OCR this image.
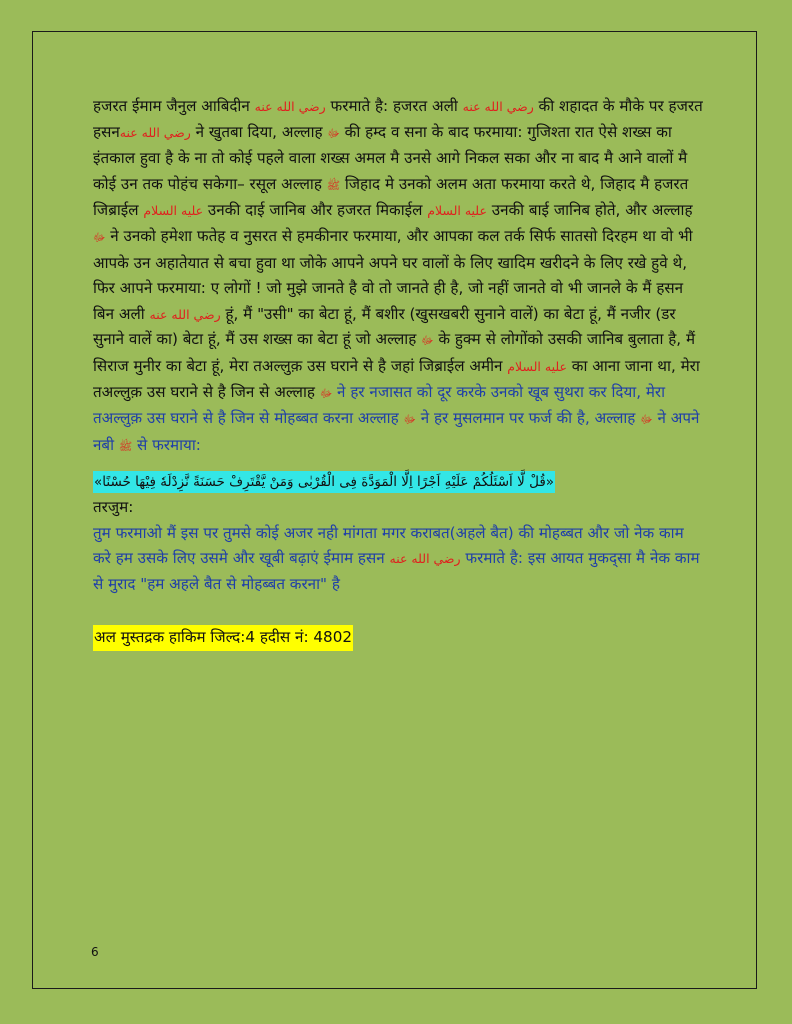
हजरत ईमाम जैनुल आबिदीन رضي الله عنه फरमाते है: हजरत अली رضي الله عنه की शहादत के मौके पर हजरत हसनرضي الله عنه ने खुतबा दिया, अल्लाह ﷻ की हम्द व सना के बाद फरमाया: गुजिश्ता रात ऐसे शख्स का इंतकाल हुवा है के ना तो कोई पहले वाला शख्स अमल मै उनसे आगे निकल सका और ना बाद मै आने वालों मै कोई उन तक पोहंच सकेगा– रसूल अल्लाह ﷺ जिहाद मे उनको अलम अता फरमाया करते थे, जिहाद मै हजरत जिब्राईल عليه السلام उनकी दाई जानिब और हजरत मिकाईल عليه السلام उनकी बाई जानिब होते, और अल्लाह ﷻ ने उनको हमेशा फतेह व नुसरत से हमकीनार फरमाया, और आपका कल तर्क सिर्फ सातसो दिरहम था वो भी आपके उन अहातेयात से बचा हुवा था जोके आपने अपने घर वालों के लिए खादिम खरीदने के लिए रखे हुवे थे, फिर आपने फरमाया: ए लोगों ! जो मुझे जानते है वो तो जानते ही है, जो नहीं जानते वो भी जानले के मैं हसन बिन अली رضي الله عنه हूं, मैं "उसी" का बेटा हूं, मैं बशीर (खुसखबरी सुनाने वालें) का बेटा हूं, मैं नजीर (डर सुनाने वालें का) बेटा हूं, मैं उस शख्स का बेटा हूं जो अल्लाह ﷻ के हुक्म से लोगोंको उसकी जानिब बुलाता है, मैं सिराज मुनीर का बेटा हूं, मेरा तअल्लुक़ उस घराने से है जहां जिब्राईल अमीन عليه السلام का आना जाना था, मेरा तअल्लुक़ उस घराने से है जिन से अल्लाह ﷻ ने हर नजासत को दूर करके उनको खूब सुथरा कर दिया, मेरा तअल्लुक़ उस घराने से है जिन से मोहब्बत करना अल्लाह ﷻ ने हर मुसलमान पर फर्ज की है, अल्लाह ﷻ ने अपने नबी ﷺ से फरमाया:

«قُلْ لَّا اَسْئَلُكُمْ عَلَيْهِ اَجْرًا اِلَّا الْمَوَدَّةَ فِى الْقُرْبٰى وَمَنْ يَّقْتَرِفْ حَسَنَةً نَّزِدْلَهٗ فِيْهَا حُسْنًا»

तरजुम:

तुम फरमाओ मैं इस पर तुमसे कोई अजर नही मांगता मगर कराबत(अहले बैत) की मोहब्बत और जो नेक काम करे हम उसके लिए उसमे और खूबी बढ़ाएं ईमाम हसन رضي الله عنه फरमाते है: इस आयत मुकद्सा मै नेक काम से मुराद "हम अहले बैत से मोहब्बत करना" है

अल मुस्तद्रक हाकिम जिल्द:4 हदीस नं: 4802
6
